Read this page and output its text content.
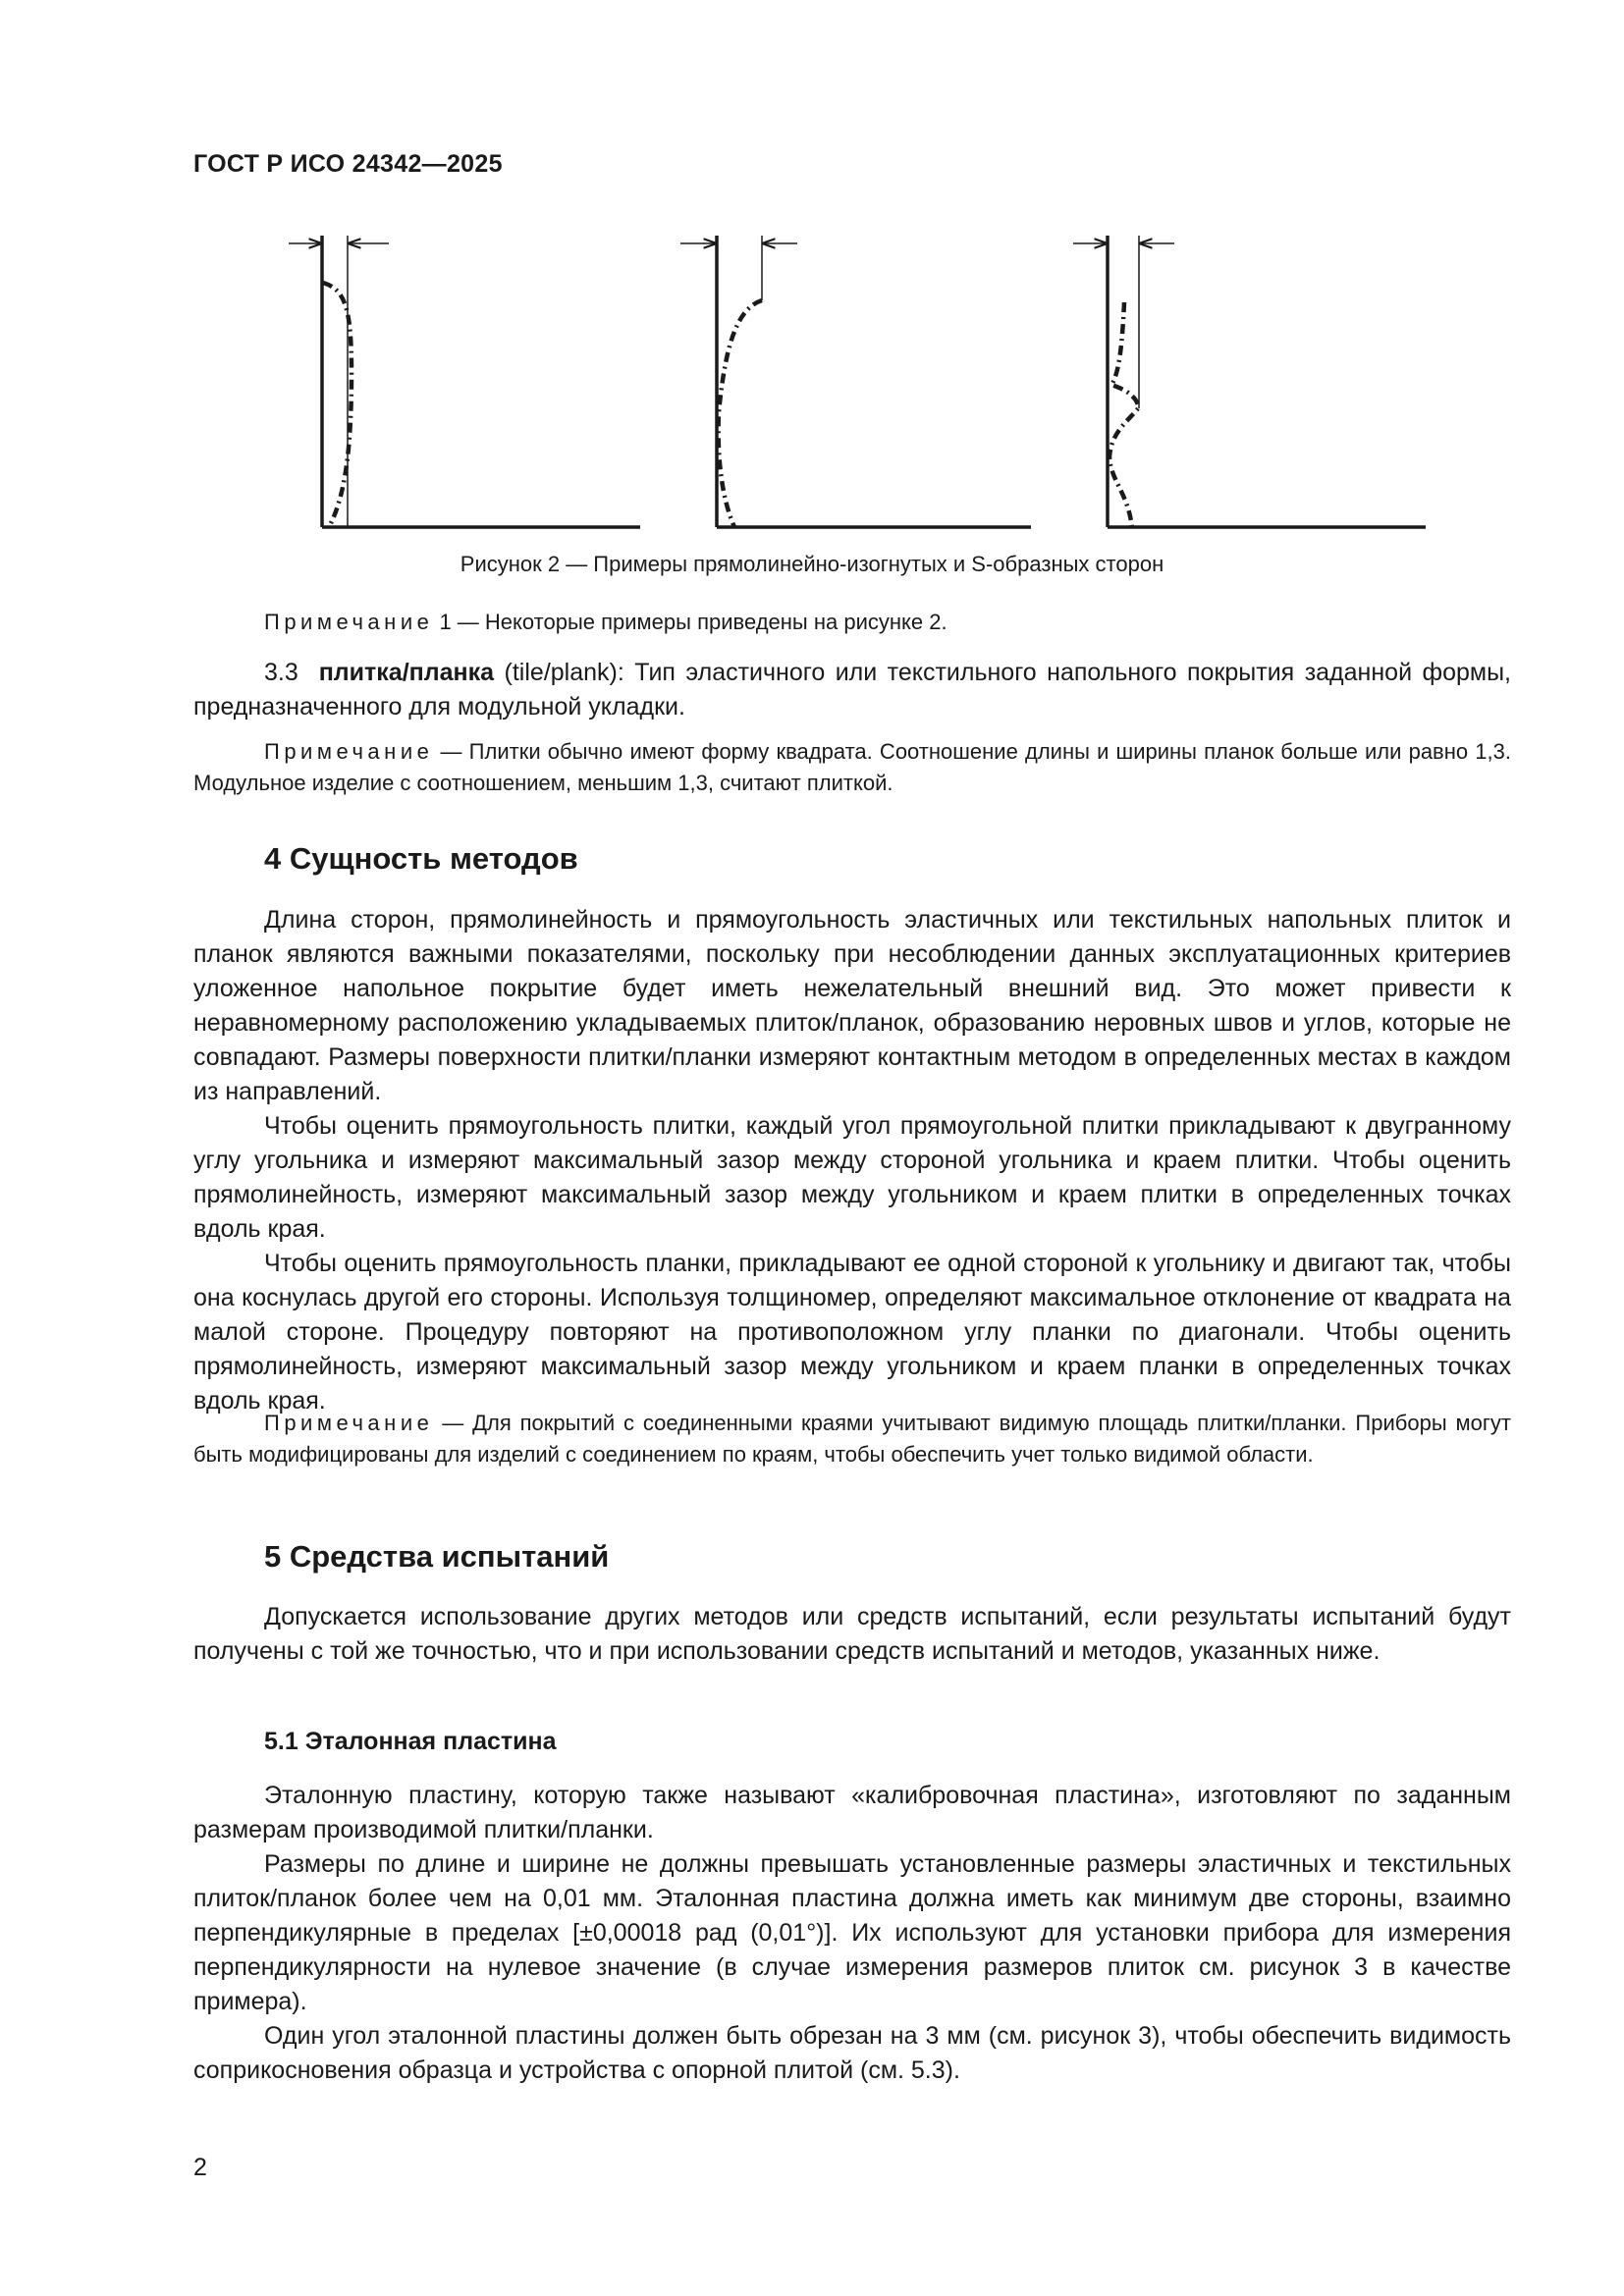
ГОСТ Р ИСО 24342—2025
Рисунок 2 — Примеры прямолинейно-изогнутых и S-образных сторон

Примечание 1 — Некоторые примеры приведены на рисунке 2.

3.3 плитка/планка (tile/plank): Тип эластичного или текстильного напольного покрытия заданной формы, предназначенного для модульной укладки.

Примечание — Плитки обычно имеют форму квадрата. Соотношение длины и ширины планок больше или равно 1,3. Модульное изделие с соотношением, меньшим 1,3, считают плиткой.

4 Сущность методов

Длина сторон, прямолинейность и прямоугольность эластичных или текстильных напольных плиток и планок являются важными показателями, поскольку при несоблюдении данных эксплуатационных критериев уложенное напольное покрытие будет иметь нежелательный внешний вид. Это может привести к неравномерному расположению укладываемых плиток/планок, образованию неровных швов и углов, которые не совпадают. Размеры поверхности плитки/планки измеряют контактным методом в определенных местах в каждом из направлений.

Чтобы оценить прямоугольность плитки, каждый угол прямоугольной плитки прикладывают к двугранному углу угольника и измеряют максимальный зазор между стороной угольника и краем плитки. Чтобы оценить прямолинейность, измеряют максимальный зазор между угольником и краем плитки в определенных точках вдоль края.

Чтобы оценить прямоугольность планки, прикладывают ее одной стороной к угольнику и двигают так, чтобы она коснулась другой его стороны. Используя толщиномер, определяют максимальное отклонение от квадрата на малой стороне. Процедуру повторяют на противоположном углу планки по диагонали. Чтобы оценить прямолинейность, измеряют максимальный зазор между угольником и краем планки в определенных точках вдоль края.

Примечание — Для покрытий с соединенными краями учитывают видимую площадь плитки/планки. Приборы могут быть модифицированы для изделий с соединением по краям, чтобы обеспечить учет только видимой области.

5 Средства испытаний

Допускается использование других методов или средств испытаний, если результаты испытаний будут получены с той же точностью, что и при использовании средств испытаний и методов, указанных ниже.

5.1 Эталонная пластина

Эталонную пластину, которую также называют «калибровочная пластина», изготовляют по заданным размерам производимой плитки/планки.

Размеры по длине и ширине не должны превышать установленные размеры эластичных и текстильных плиток/планок более чем на 0,01 мм. Эталонная пластина должна иметь как минимум две стороны, взаимно перпендикулярные в пределах [±0,00018 рад (0,01°)]. Их используют для установки прибора для измерения перпендикулярности на нулевое значение (в случае измерения размеров плиток см. рисунок 3 в качестве примера).

Один угол эталонной пластины должен быть обрезан на 3 мм (см. рисунок 3), чтобы обеспечить видимость соприкосновения образца и устройства с опорной плитой (см. 5.3).

2
